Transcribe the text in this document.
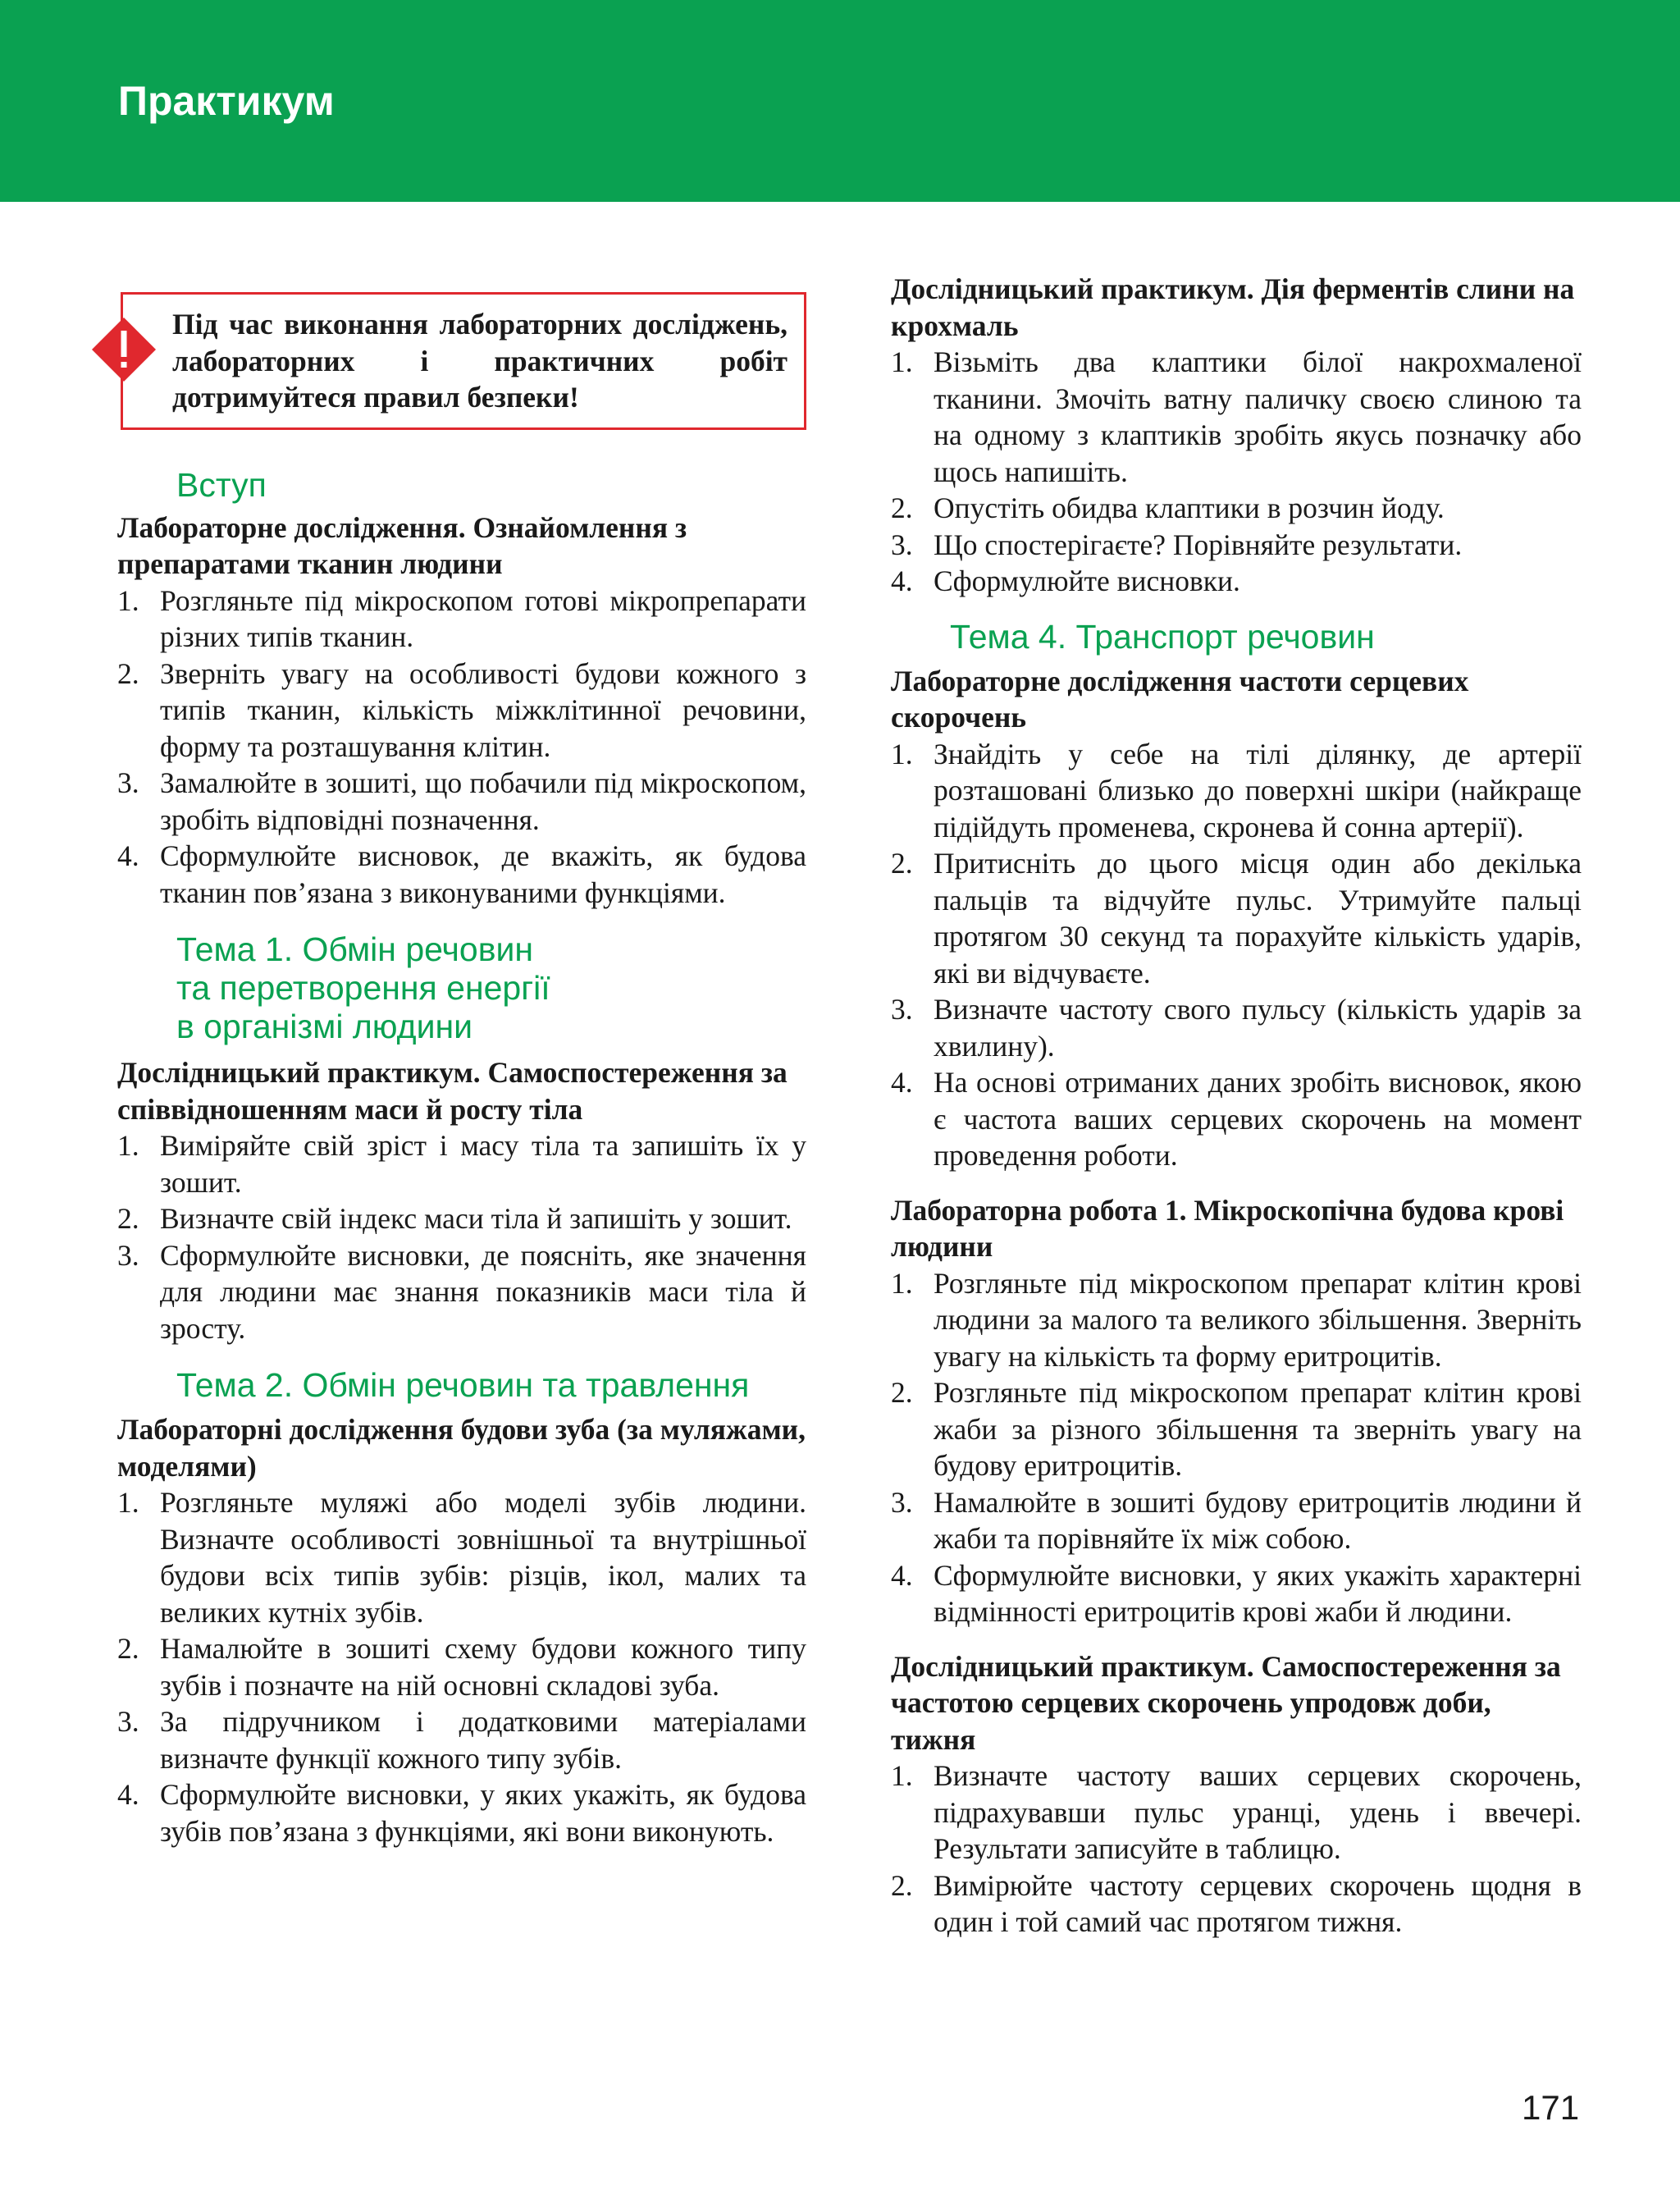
Практикум
Під час виконання лабораторних досліджень, лабораторних і практичних робіт дотримуйтеся правил безпеки!
Вступ

Лабораторне дослідження. Ознайомлення з препаратами тканин людини

1. Розгляньте під мікроскопом готові мікропрепарати різних типів тканин.
2. Зверніть увагу на особливості будови кожного з типів тканин, кількість міжклітинної речовини, форму та розташування клітин.
3. Замалюйте в зошиті, що побачили під мікроскопом, зробіть відповідні позначення.
4. Сформулюйте висновок, де вкажіть, як будова тканин пов’язана з виконуваними функціями.
Тема 1. Обмін речовин
та перетворення енергії
в організмі людини

Дослідницький практикум. Самоспостереження за співвідношенням маси й росту тіла

1. Виміряйте свій зріст і масу тіла та запишіть їх у зошит.
2. Визначте свій індекс маси тіла й запишіть у зошит.
3. Сформулюйте висновки, де поясніть, яке значення для людини має знання показників маси тіла й зросту.
Тема 2. Обмін речовин та травлення

Лабораторні дослідження будови зуба (за муляжами, моделями)

1. Розгляньте муляжі або моделі зубів людини. Визначте особливості зовнішньої та внутрішньої будови всіх типів зубів: різців, ікол, малих та великих кутніх зубів.
2. Намалюйте в зошиті схему будови кожного типу зубів і позначте на ній основні складові зуба.
3. За підручником і додатковими матеріалами визначте функції кожного типу зубів.
4. Сформулюйте висновки, у яких укажіть, як будова зубів пов’язана з функціями, які вони виконують.

Дослідницький практикум. Дія ферментів слини на крохмаль

1. Візьміть два клаптики білої накрохмаленої тканини. Змочіть ватну паличку своєю слиною та на одному з клаптиків зробіть якусь позначку або щось напишіть.
2. Опустіть обидва клаптики в розчин йоду.
3. Що спостерігаєте? Порівняйте результати.
4. Сформулюйте висновки.
Тема 4. Транспорт речовин

Лабораторне дослідження частоти серцевих скорочень

1. Знайдіть у себе на тілі ділянку, де артерії розташовані близько до поверхні шкіри (найкраще підійдуть променева, скронева й сонна артерії).
2. Притисніть до цього місця один або декілька пальців та відчуйте пульс. Утримуйте пальці протягом 30 секунд та порахуйте кількість ударів, які ви відчуваєте.
3. Визначте частоту свого пульсу (кількість ударів за хвилину).
4. На основі отриманих даних зробіть висновок, якою є частота ваших серцевих скорочень на момент проведення роботи.

Лабораторна робота 1. Мікроскопічна будова крові людини

1. Розгляньте під мікроскопом препарат клітин крові людини за малого та великого збільшення. Зверніть увагу на кількість та форму еритроцитів.
2. Розгляньте під мікроскопом препарат клітин крові жаби за різного збільшення та зверніть увагу на будову еритроцитів.
3. Намалюйте в зошиті будову еритроцитів людини й жаби та порівняйте їх між собою.
4. Сформулюйте висновки, у яких укажіть характерні відмінності еритроцитів крові жаби й людини.

Дослідницький практикум. Самоспостереження за частотою серцевих скорочень упродовж доби, тижня

1. Визначте частоту ваших серцевих скорочень, підрахувавши пульс уранці, удень і ввечері. Результати записуйте в таблицю.
2. Вимірюйте частоту серцевих скорочень щодня в один і той самий час протягом тижня.
171
